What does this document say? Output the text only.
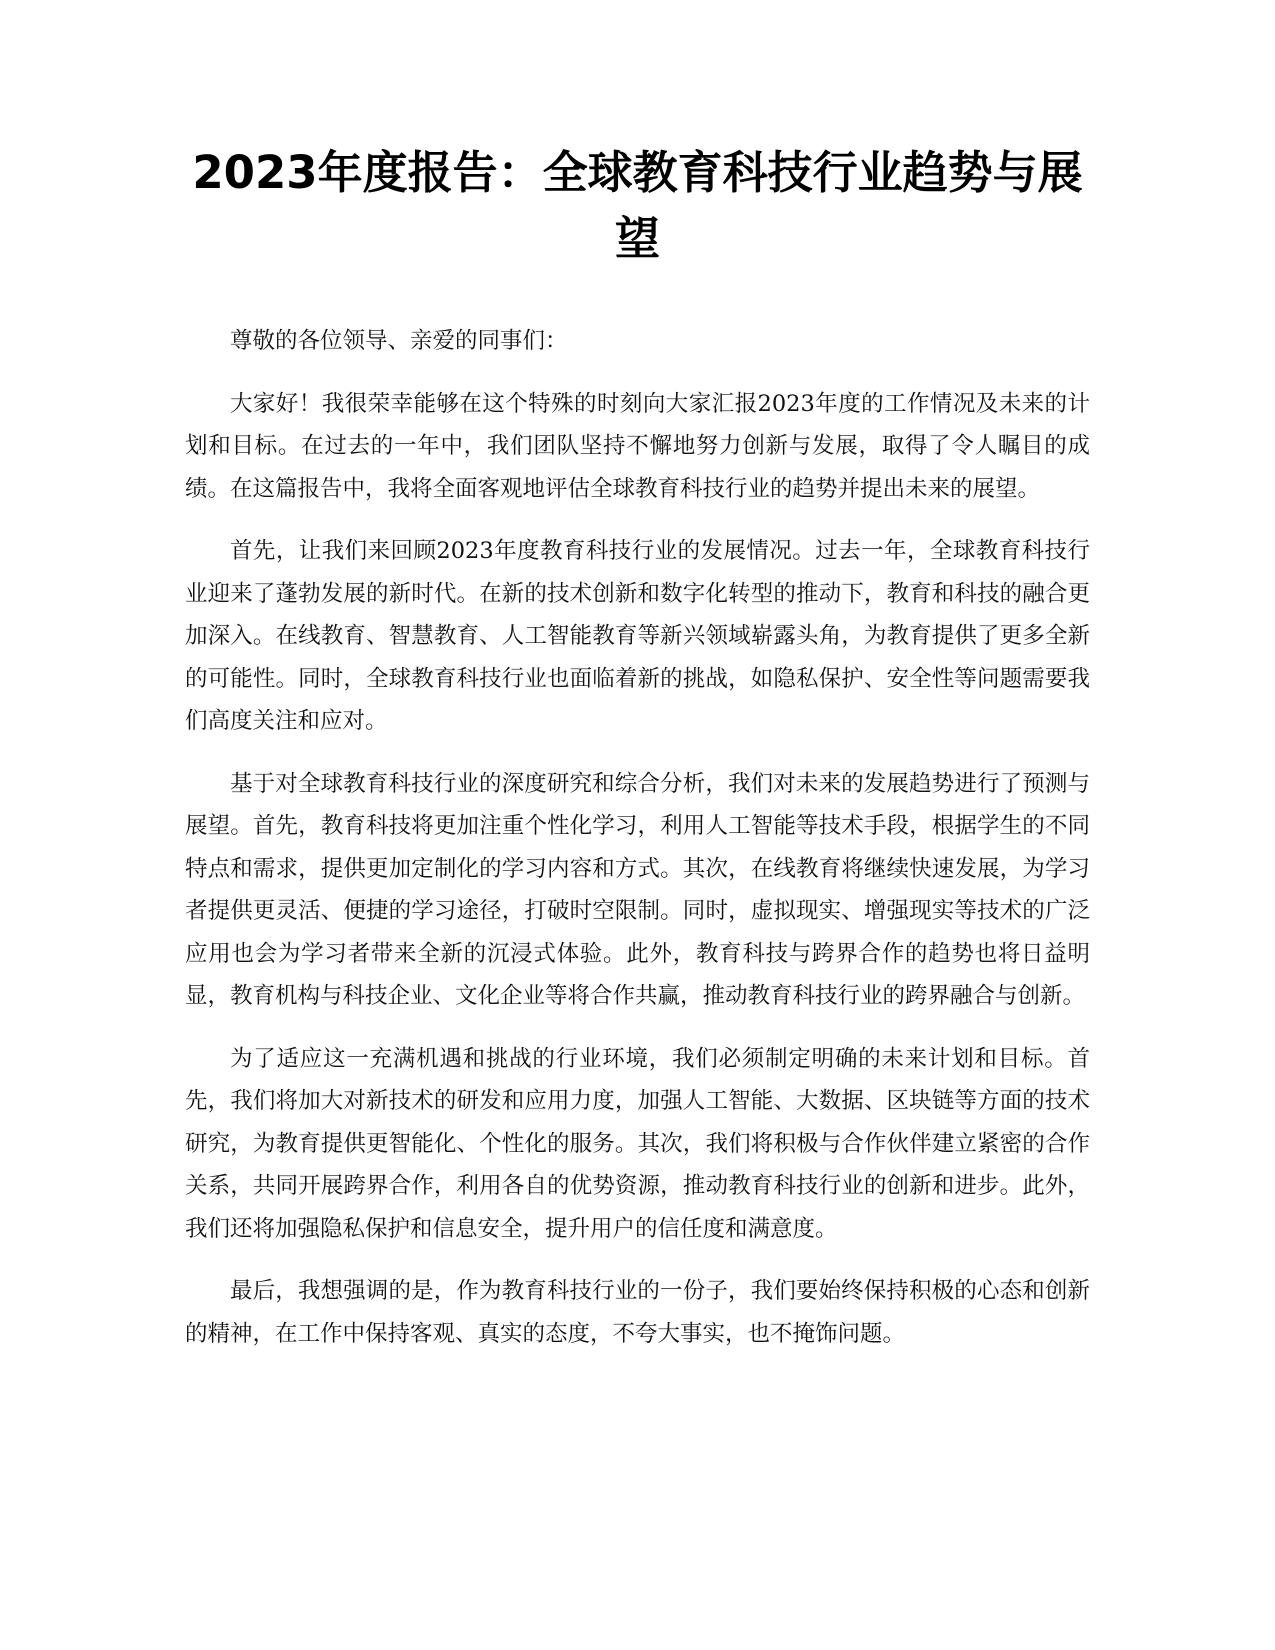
2023年度报告：全球教育科技行业趋势与展望

尊敬的各位领导、亲爱的同事们：

大家好！我很荣幸能够在这个特殊的时刻向大家汇报2023年度的工作情况及未来的计划和目标。在过去的一年中，我们团队坚持不懈地努力创新与发展，取得了令人瞩目的成绩。在这篇报告中，我将全面客观地评估全球教育科技行业的趋势并提出未来的展望。

首先，让我们来回顾2023年度教育科技行业的发展情况。过去一年，全球教育科技行业迎来了蓬勃发展的新时代。在新的技术创新和数字化转型的推动下，教育和科技的融合更加深入。在线教育、智慧教育、人工智能教育等新兴领域崭露头角，为教育提供了更多全新的可能性。同时，全球教育科技行业也面临着新的挑战，如隐私保护、安全性等问题需要我们高度关注和应对。

基于对全球教育科技行业的深度研究和综合分析，我们对未来的发展趋势进行了预测与展望。首先，教育科技将更加注重个性化学习，利用人工智能等技术手段，根据学生的不同特点和需求，提供更加定制化的学习内容和方式。其次，在线教育将继续快速发展，为学习者提供更灵活、便捷的学习途径，打破时空限制。同时，虚拟现实、增强现实等技术的广泛应用也会为学习者带来全新的沉浸式体验。此外，教育科技与跨界合作的趋势也将日益明显，教育机构与科技企业、文化企业等将合作共赢，推动教育科技行业的跨界融合与创新。

为了适应这一充满机遇和挑战的行业环境，我们必须制定明确的未来计划和目标。首先，我们将加大对新技术的研发和应用力度，加强人工智能、大数据、区块链等方面的技术研究，为教育提供更智能化、个性化的服务。其次，我们将积极与合作伙伴建立紧密的合作关系，共同开展跨界合作，利用各自的优势资源，推动教育科技行业的创新和进步。此外，我们还将加强隐私保护和信息安全，提升用户的信任度和满意度。

最后，我想强调的是，作为教育科技行业的一份子，我们要始终保持积极的心态和创新的精神，在工作中保持客观、真实的态度，不夸大事实，也不掩饰问题。
